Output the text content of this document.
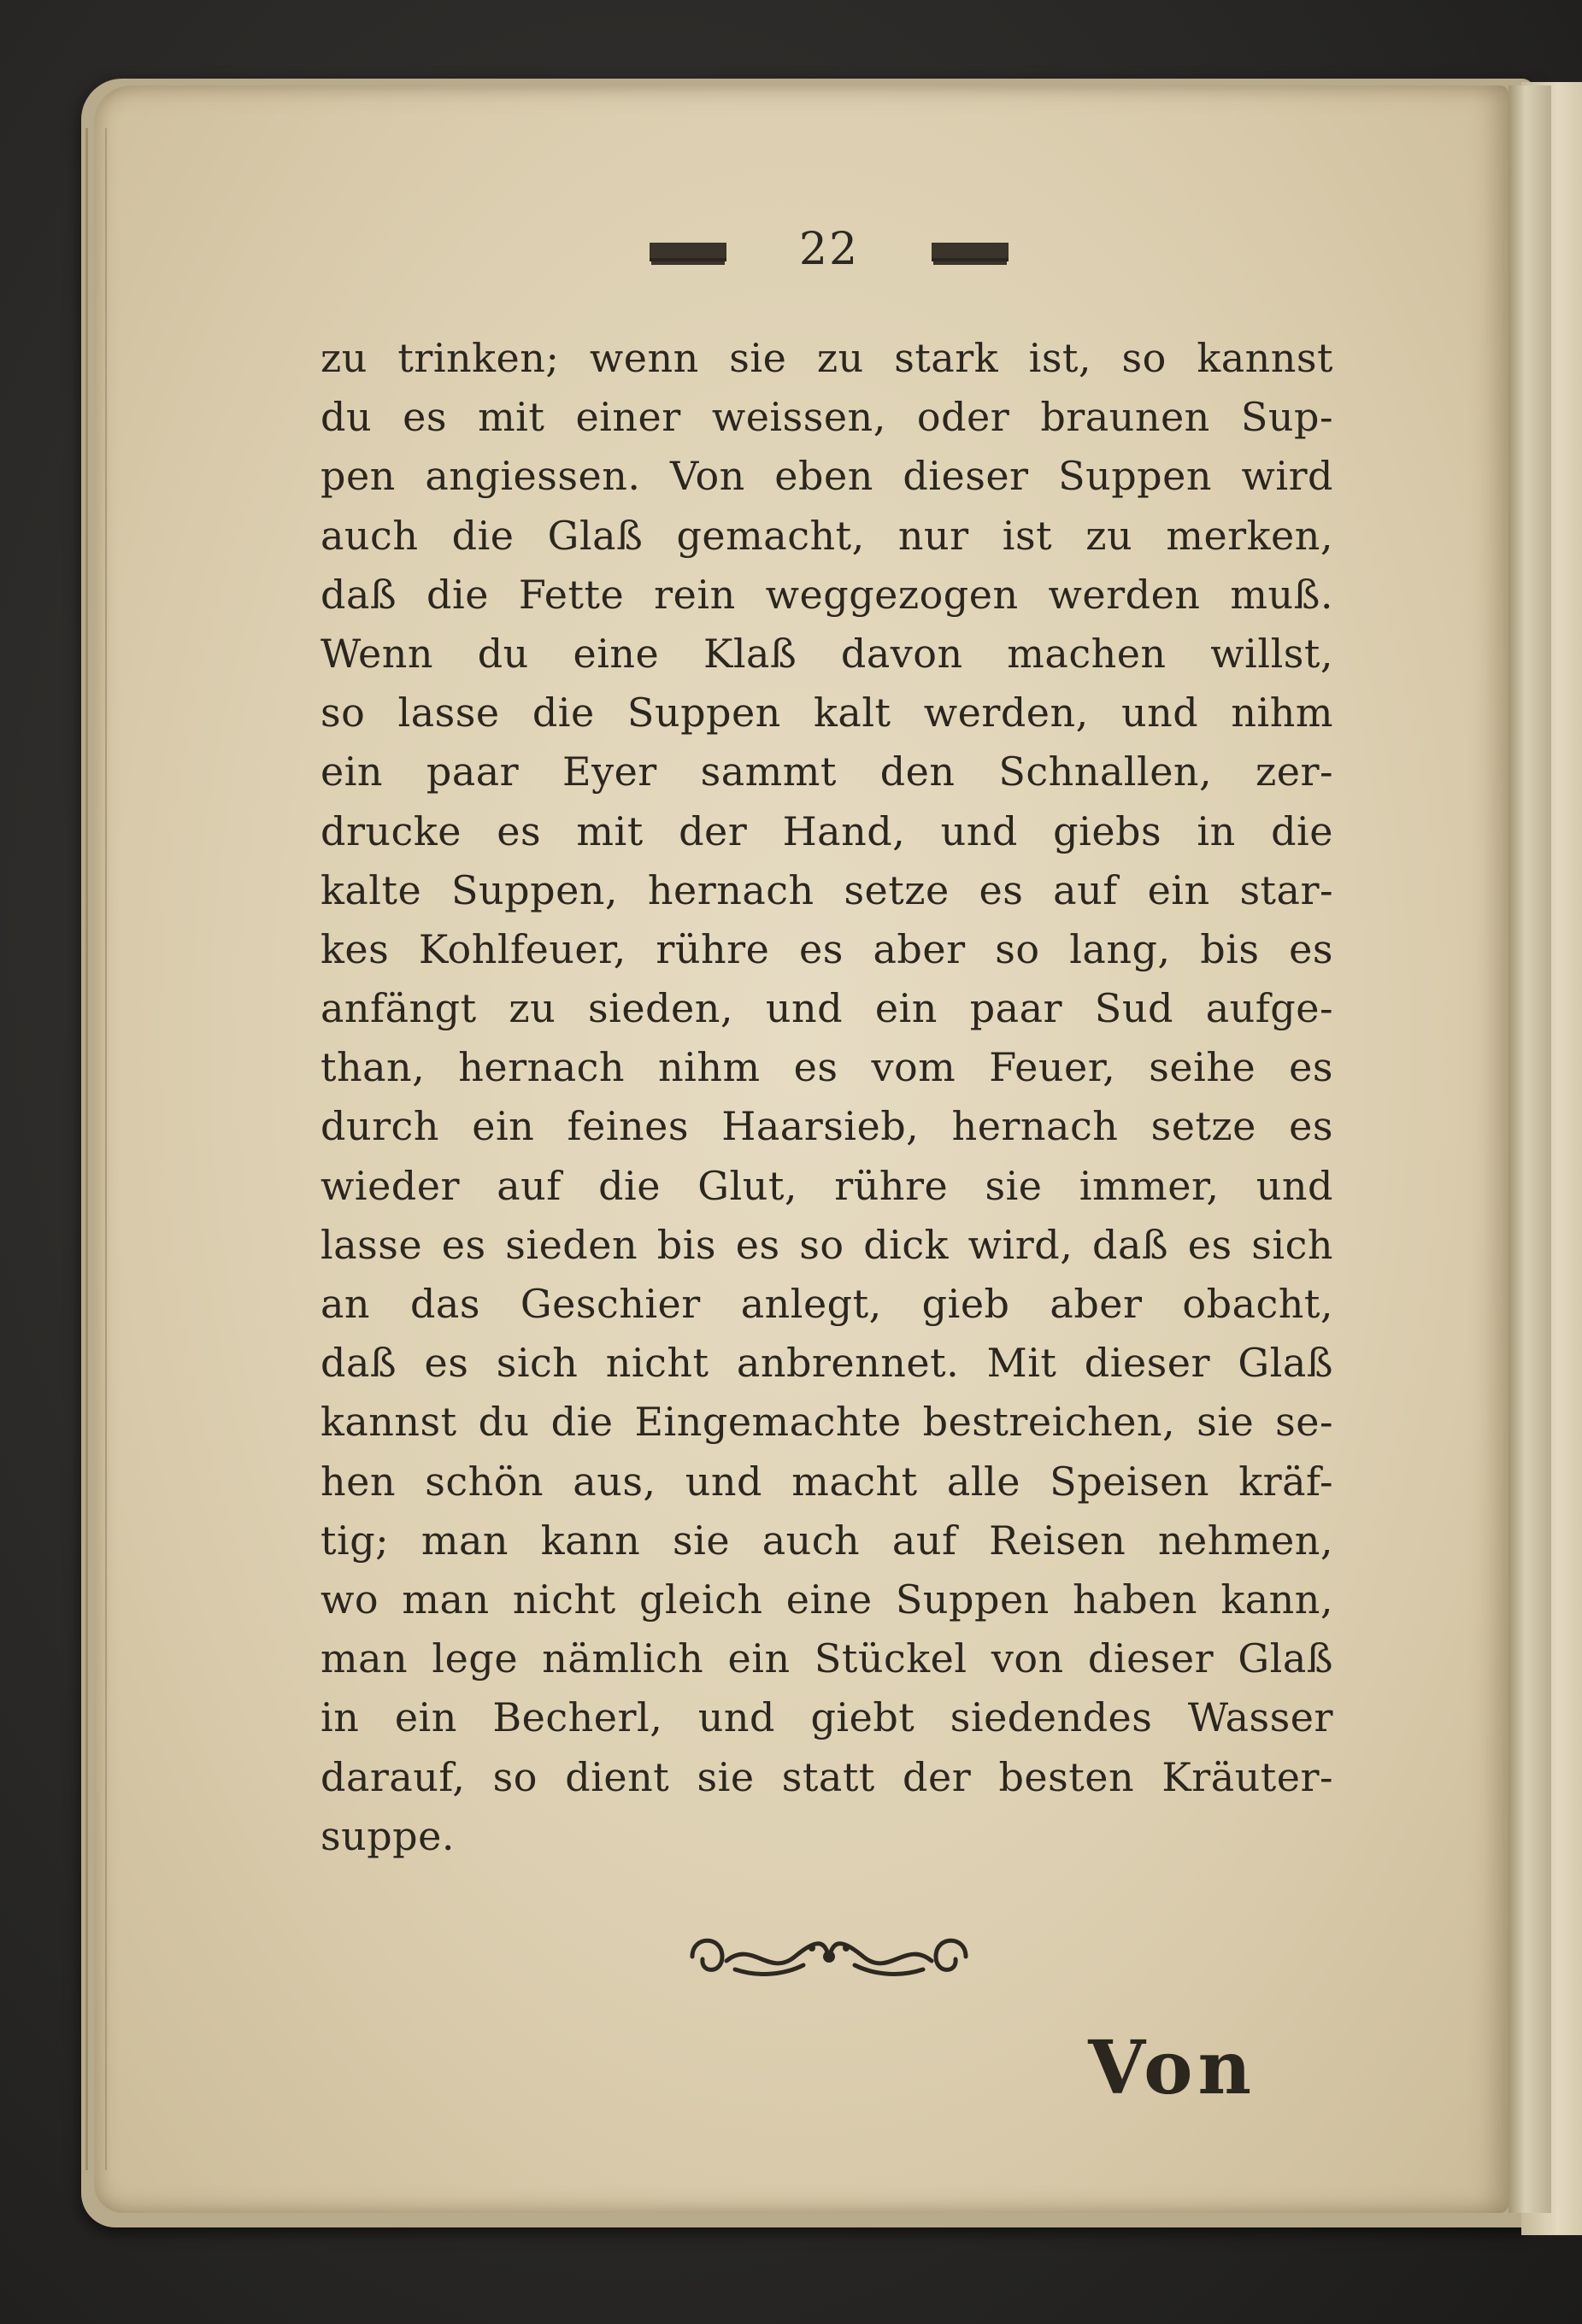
22
zu trinken; wenn sie zu stark ist, so kannst
du es mit einer weissen, oder braunen Sup-
pen angiessen. Von eben dieser Suppen wird
auch die Glaß gemacht, nur ist zu merken,
daß die Fette rein weggezogen werden muß.
Wenn du eine Klaß davon machen willst,
so lasse die Suppen kalt werden, und nihm
ein paar Eyer sammt den Schnallen, zer-
drucke es mit der Hand, und giebs in die
kalte Suppen, hernach setze es auf ein star-
kes Kohlfeuer, rühre es aber so lang, bis es
anfängt zu sieden, und ein paar Sud aufge-
than, hernach nihm es vom Feuer, seihe es
durch ein feines Haarsieb, hernach setze es
wieder auf die Glut, rühre sie immer, und
lasse es sieden bis es so dick wird, daß es sich
an das Geschier anlegt, gieb aber obacht,
daß es sich nicht anbrennet. Mit dieser Glaß
kannst du die Eingemachte bestreichen, sie se-
hen schön aus, und macht alle Speisen kräf-
tig; man kann sie auch auf Reisen nehmen,
wo man nicht gleich eine Suppen haben kann,
man lege nämlich ein Stückel von dieser Glaß
in ein Becherl, und giebt siedendes Wasser
darauf, so dient sie statt der besten Kräuter-
suppe.
Von
